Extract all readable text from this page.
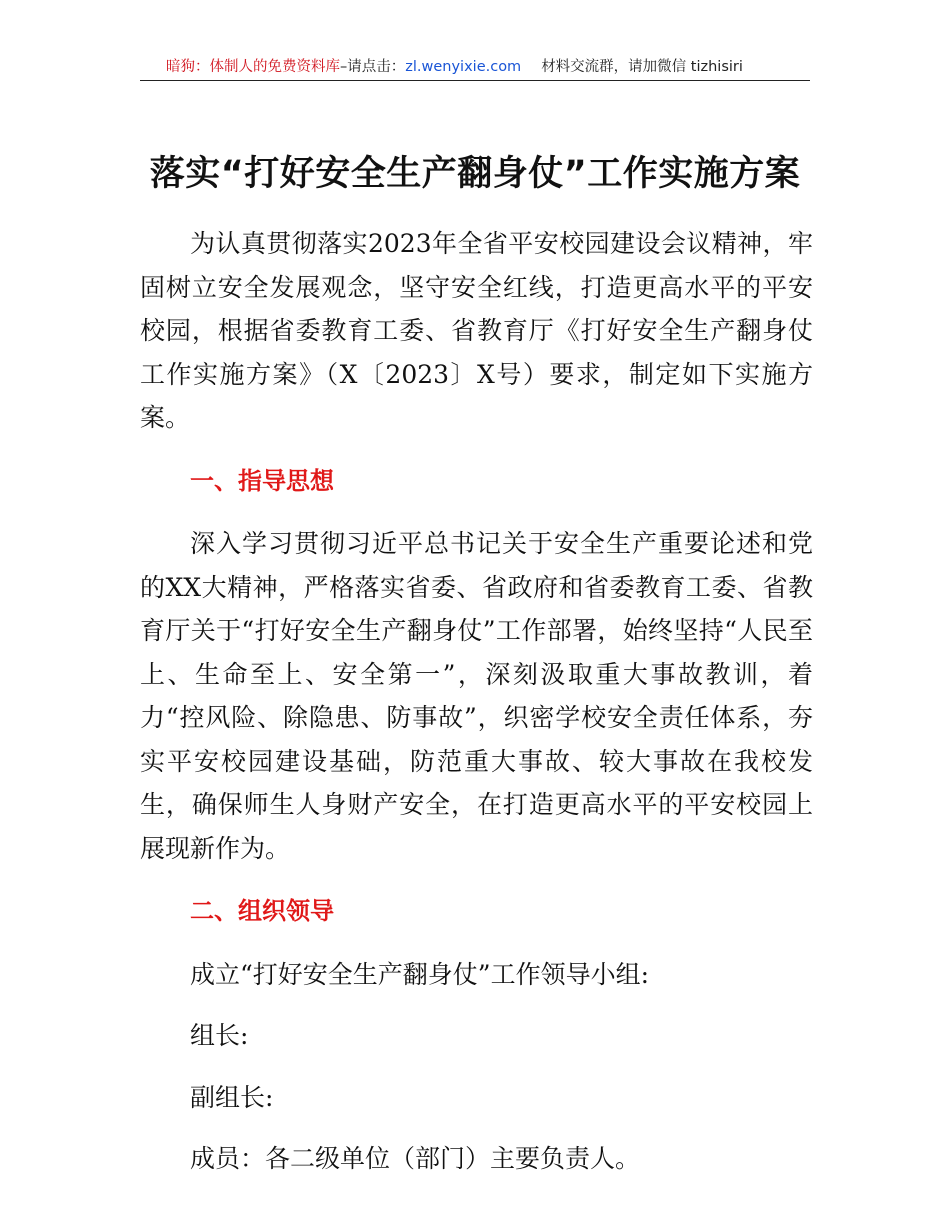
暗狗：体制人的免费资料库–请点击：zl.wenyixie.com 材料交流群，请加微信 tizhisiri
落实“打好安全生产翻身仗”工作实施方案

为认真贯彻落实2023年全省平安校园建设会议精神，牢固树立安全发展观念，坚守安全红线，打造更高水平的平安校园，根据省委教育工委、省教育厅《打好安全生产翻身仗工作实施方案》（X〔2023〕X号）要求，制定如下实施方案。

一、指导思想

深入学习贯彻习近平总书记关于安全生产重要论述和党的XX大精神，严格落实省委、省政府和省委教育工委、省教育厅关于“打好安全生产翻身仗”工作部署，始终坚持“人民至上、生命至上、安全第一”，深刻汲取重大事故教训，着力“控风险、除隐患、防事故”，织密学校安全责任体系，夯实平安校园建设基础，防范重大事故、较大事故在我校发生，确保师生人身财产安全，在打造更高水平的平安校园上展现新作为。

二、组织领导

成立“打好安全生产翻身仗”工作领导小组:

组长:

副组长:

成员：各二级单位（部门）主要负责人。
